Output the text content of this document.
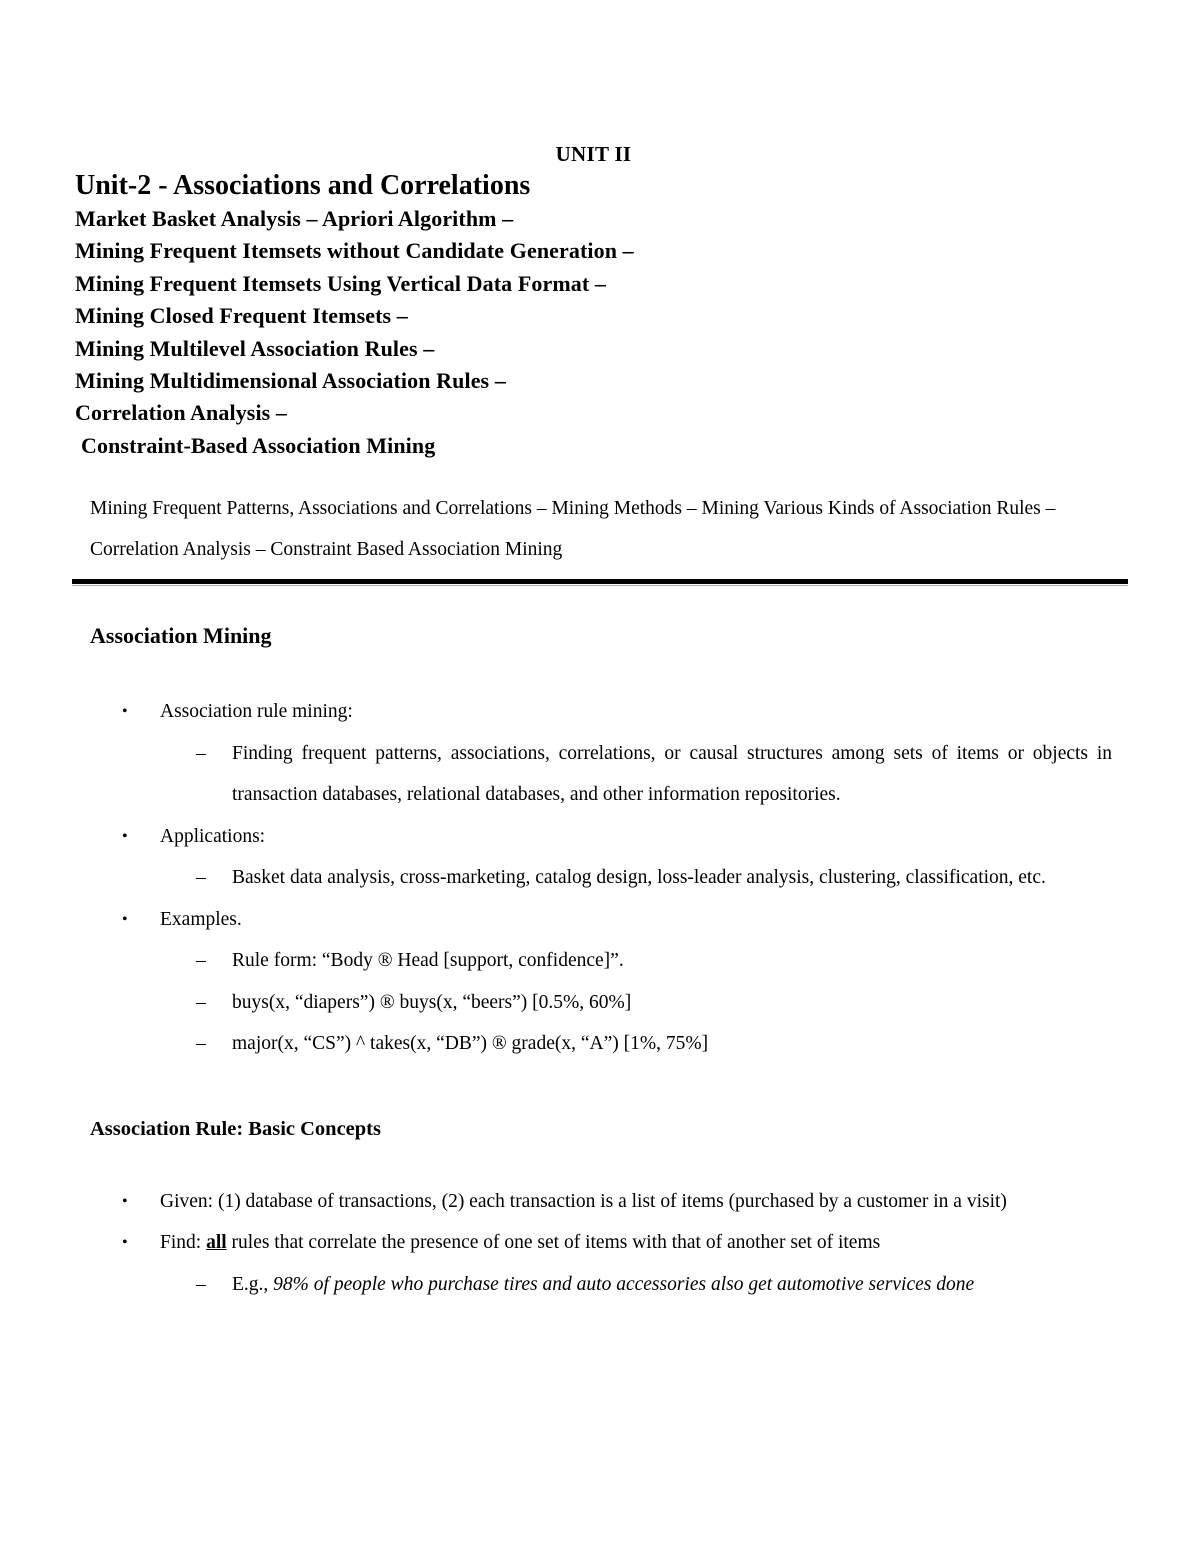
UNIT II
Unit-2 - Associations and Correlations
Market Basket Analysis – Apriori Algorithm –
Mining Frequent Itemsets without Candidate Generation –
Mining Frequent Itemsets Using Vertical Data Format –
Mining Closed Frequent Itemsets –
Mining Multilevel Association Rules –
Mining Multidimensional Association Rules –
Correlation Analysis –
Constraint-Based Association Mining

Mining Frequent Patterns, Associations and Correlations – Mining Methods – Mining Various Kinds of Association Rules – Correlation Analysis – Constraint Based Association Mining

Association Mining
•	Association rule mining:
–	Finding frequent patterns, associations, correlations, or causal structures among sets of items or objects in transaction databases, relational databases, and other information repositories.
•	Applications:
–	Basket data analysis, cross-marketing, catalog design, loss-leader analysis, clustering, classification, etc.
•	Examples.
–	Rule form: “Body ® Head [support, confidence]”.
–	buys(x, “diapers”) ® buys(x, “beers”) [0.5%, 60%]
–	major(x, “CS”) ^ takes(x, “DB”) ® grade(x, “A”) [1%, 75%]
Association Rule: Basic Concepts
•	Given: (1) database of transactions, (2) each transaction is a list of items (purchased by a customer in a visit)
•	Find: all rules that correlate the presence of one set of items with that of another set of items
–	E.g., 98% of people who purchase tires and auto accessories also get automotive services done
